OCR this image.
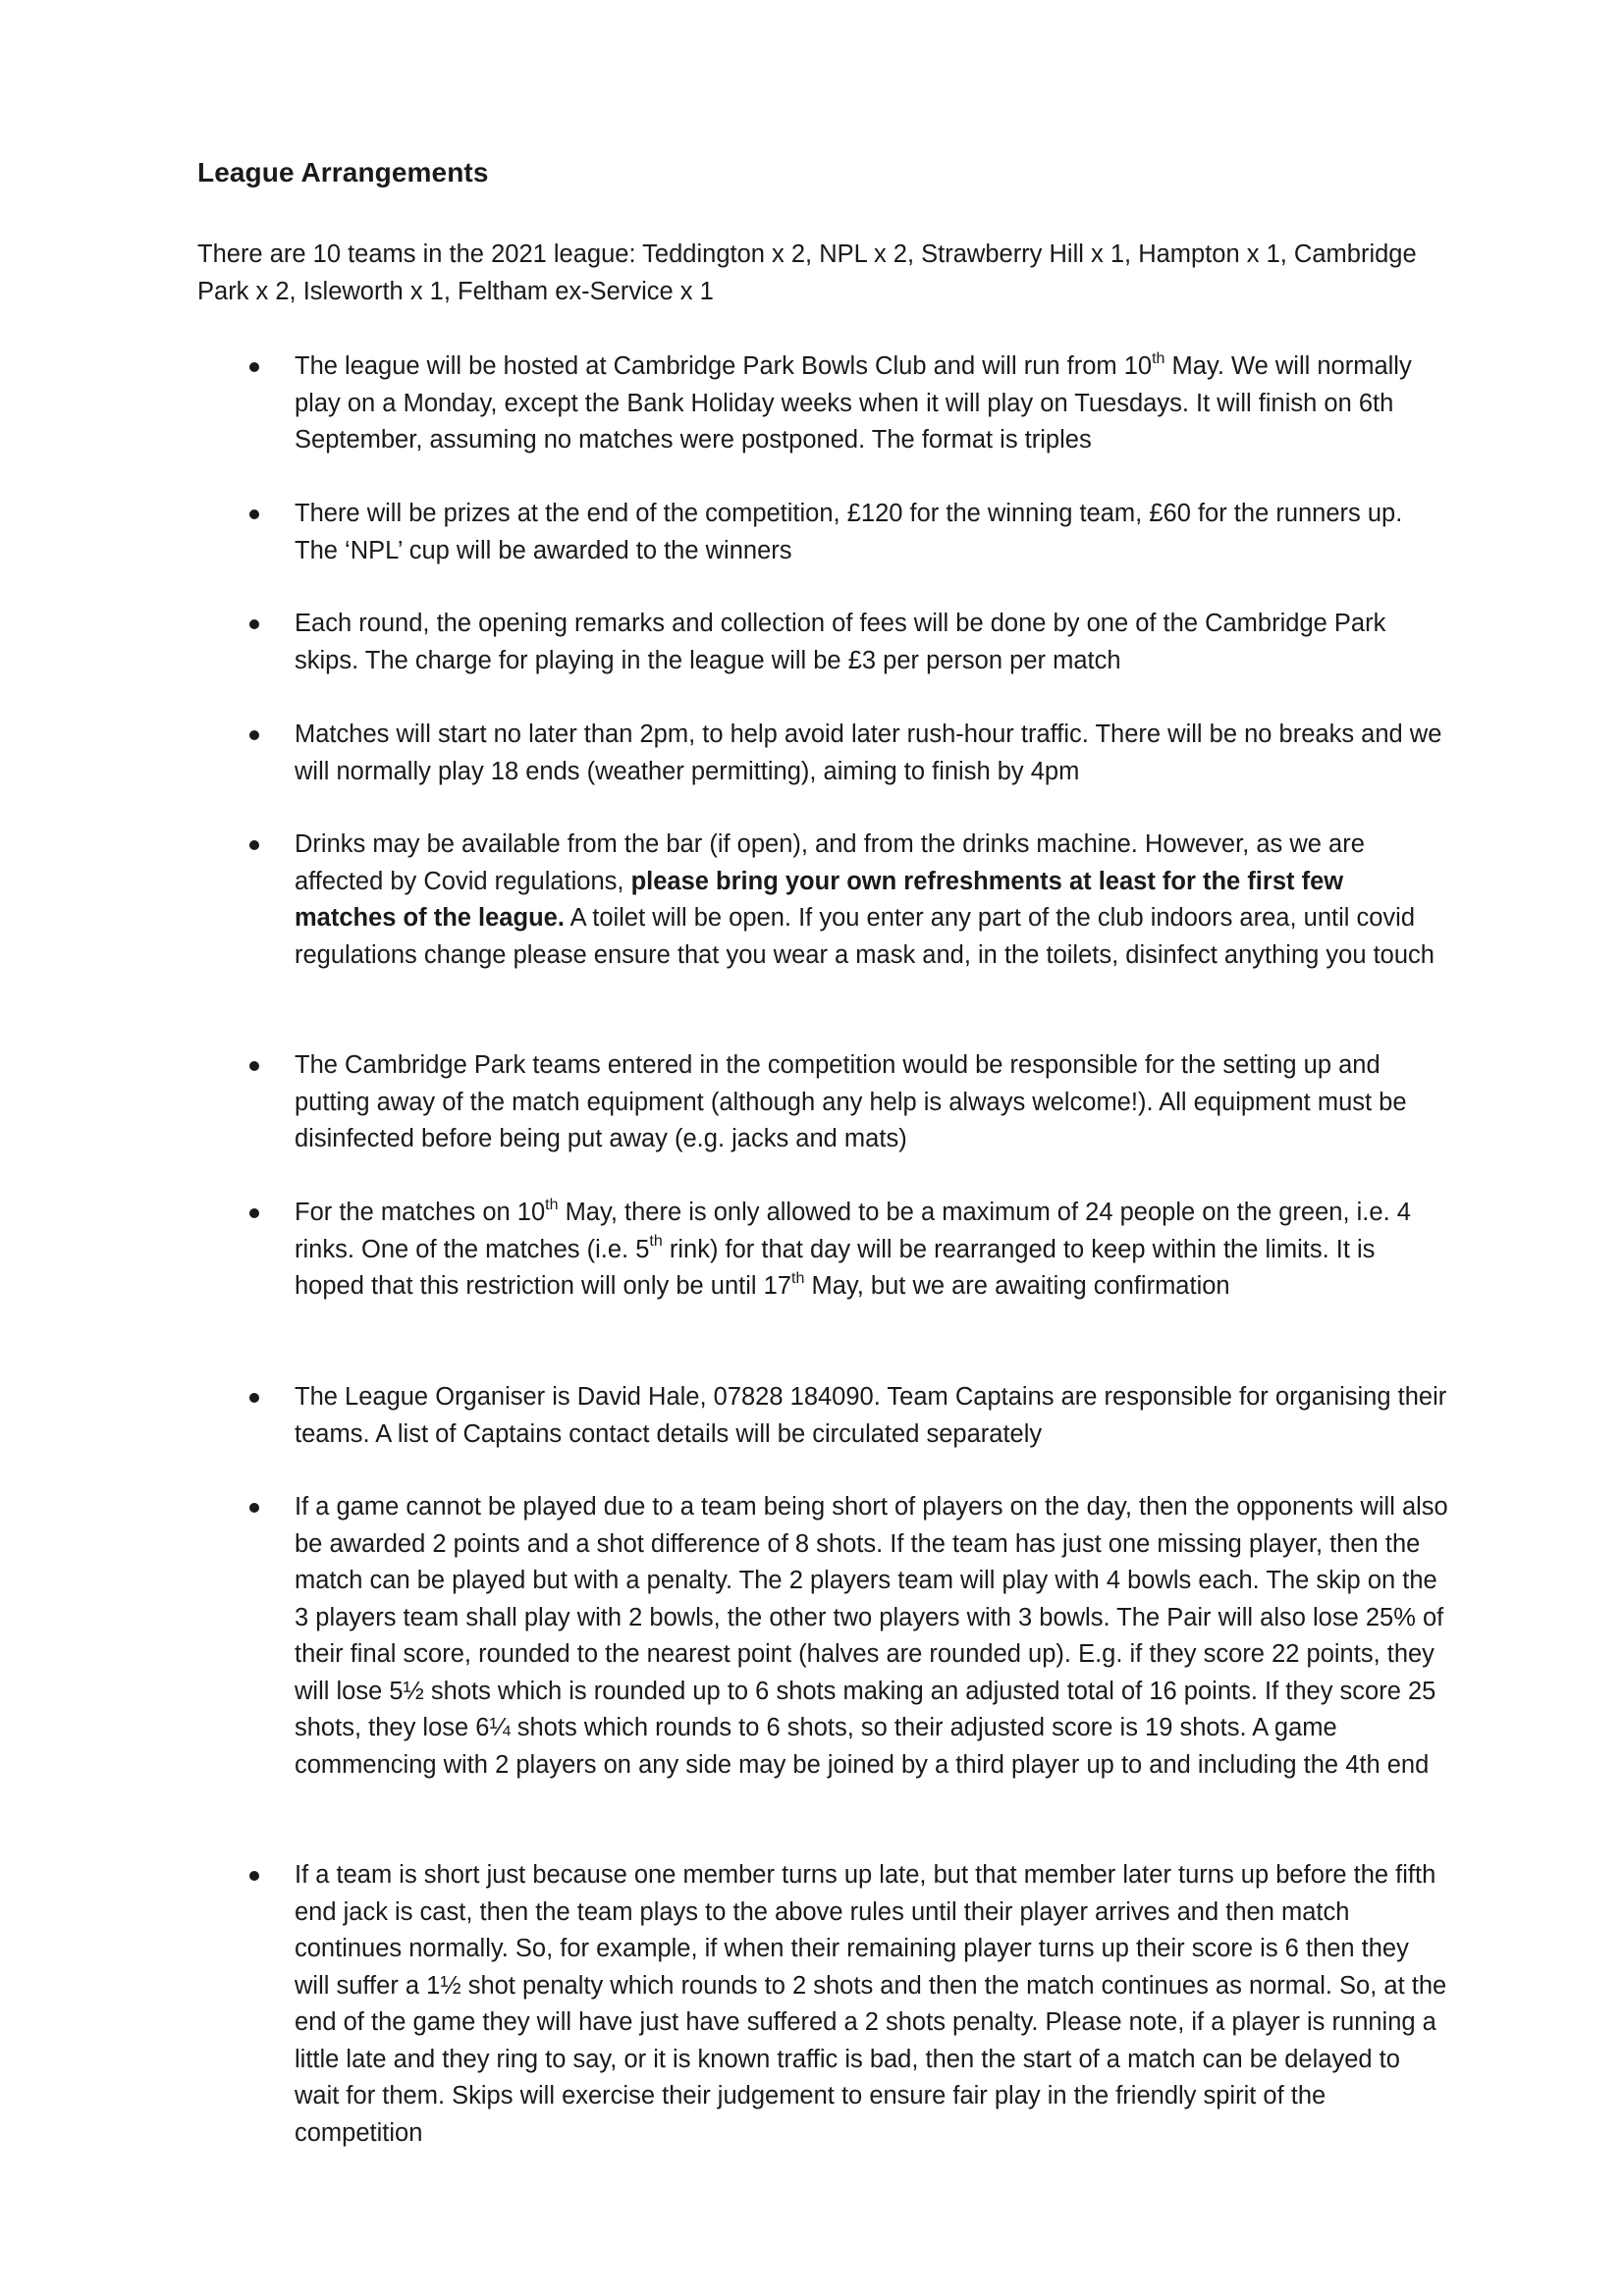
League Arrangements
There are 10 teams in the 2021 league: Teddington x 2, NPL x 2, Strawberry Hill x 1, Hampton x 1, Cambridge Park x 2, Isleworth x 1, Feltham ex-Service x 1
The league will be hosted at Cambridge Park Bowls Club and will run from 10th May. We will normally play on a Monday, except the Bank Holiday weeks when it will play on Tuesdays. It will finish on 6th September, assuming no matches were postponed. The format is triples
There will be prizes at the end of the competition, £120 for the winning team, £60 for the runners up. The ‘NPL’ cup will be awarded to the winners
Each round, the opening remarks and collection of fees will be done by one of the Cambridge Park skips. The charge for playing in the league will be £3 per person per match
Matches will start no later than 2pm, to help avoid later rush-hour traffic. There will be no breaks and we will normally play 18 ends (weather permitting), aiming to finish by 4pm
Drinks may be available from the bar (if open), and from the drinks machine. However, as we are affected by Covid regulations, please bring your own refreshments at least for the first few matches of the league. A toilet will be open. If you enter any part of the club indoors area, until covid regulations change please ensure that you wear a mask and, in the toilets, disinfect anything you touch
The Cambridge Park teams entered in the competition would be responsible for the setting up and putting away of the match equipment (although any help is always welcome!). All equipment must be disinfected before being put away (e.g. jacks and mats)
For the matches on 10th May, there is only allowed to be a maximum of 24 people on the green, i.e. 4 rinks. One of the matches (i.e. 5th rink) for that day will be rearranged to keep within the limits. It is hoped that this restriction will only be until 17th May, but we are awaiting confirmation
The League Organiser is David Hale, 07828 184090. Team Captains are responsible for organising their teams. A list of Captains contact details will be circulated separately
If a game cannot be played due to a team being short of players on the day, then the opponents will also be awarded 2 points and a shot difference of 8 shots. If the team has just one missing player, then the match can be played but with a penalty. The 2 players team will play with 4 bowls each. The skip on the 3 players team shall play with 2 bowls, the other two players with 3 bowls. The Pair will also lose 25% of their final score, rounded to the nearest point (halves are rounded up). E.g. if they score 22 points, they will lose 5½ shots which is rounded up to 6 shots making an adjusted total of 16 points. If they score 25 shots, they lose 6¼ shots which rounds to 6 shots, so their adjusted score is 19 shots. A game commencing with 2 players on any side may be joined by a third player up to and including the 4th end
If a team is short just because one member turns up late, but that member later turns up before the fifth end jack is cast, then the team plays to the above rules until their player arrives and then match continues normally. So, for example, if when their remaining player turns up their score is 6 then they will suffer a 1½ shot penalty which rounds to 2 shots and then the match continues as normal. So, at the end of the game they will have just have suffered a 2 shots penalty. Please note, if a player is running a little late and they ring to say, or it is known traffic is bad, then the start of a match can be delayed to wait for them. Skips will exercise their judgement to ensure fair play in the friendly spirit of the competition
